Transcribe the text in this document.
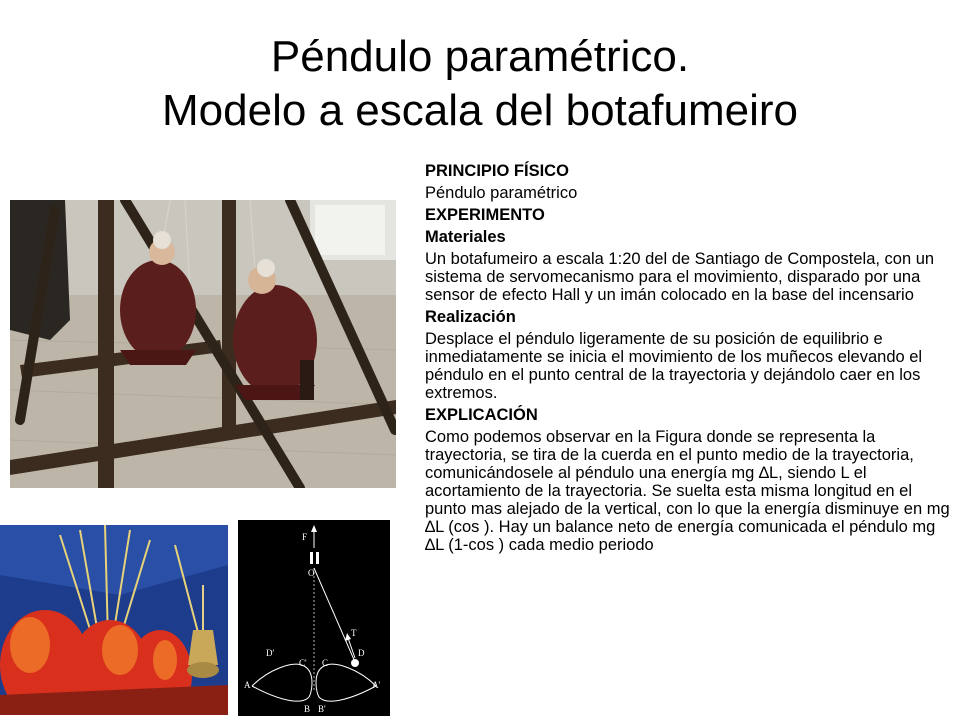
Péndulo paramétrico.
Modelo a escala del botafumeiro
F
O
T
D
D'
C
C'
A	A'
B B'
PRINCIPIO FÍSICO
Péndulo paramétrico
EXPERIMENTO
Materiales
Un botafumeiro a escala 1:20 del de Santiago de Compostela, con un sistema de servomecanismo para el movimiento, disparado por una sensor de efecto Hall y un imán colocado en la base del incensario
Realización
Desplace el péndulo ligeramente de su posición de equilibrio e inmediatamente se inicia el movimiento de los muñecos elevando el péndulo en el punto central de la trayectoria y dejándolo caer en los extremos.
EXPLICACIÓN
Como podemos observar en la Figura donde se representa la trayectoria, se tira de la cuerda en el punto medio de la trayectoria, comunicándosele al péndulo una energía mg ∆L, siendo L el acortamiento de la trayectoria. Se suelta esta misma longitud en el punto mas alejado de la vertical, con lo que la energía disminuye en mg ∆L (cos ). Hay un balance neto de energía comunicada el péndulo mg ∆L (1-cos ) cada medio periodo
